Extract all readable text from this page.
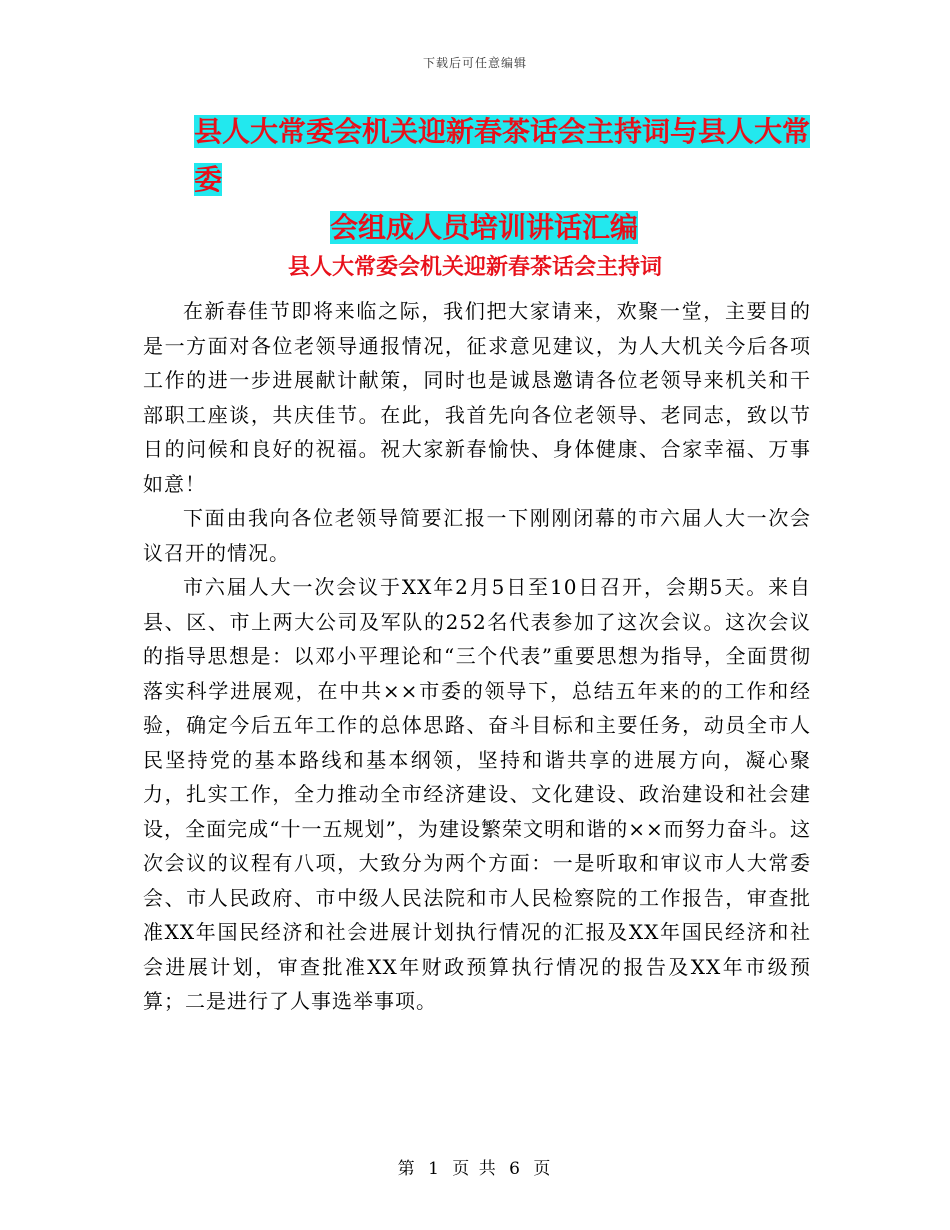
下载后可任意编辑
县人大常委会机关迎新春茶话会主持词与县人大常委
会组成人员培训讲话汇编
县人大常委会机关迎新春茶话会主持词

在新春佳节即将来临之际，我们把大家请来，欢聚一堂，主要目的是一方面对各位老领导通报情况，征求意见建议，为人大机关今后各项工作的进一步进展献计献策，同时也是诚恳邀请各位老领导来机关和干部职工座谈，共庆佳节。在此，我首先向各位老领导、老同志，致以节日的问候和良好的祝福。祝大家新春愉快、身体健康、合家幸福、万事如意！

下面由我向各位老领导简要汇报一下刚刚闭幕的市六届人大一次会议召开的情况。

市六届人大一次会议于XX年2月5日至10日召开，会期5天。来自县、区、市上两大公司及军队的252名代表参加了这次会议。这次会议的指导思想是：以邓小平理论和“三个代表”重要思想为指导，全面贯彻落实科学进展观，在中共××市委的领导下，总结五年来的的工作和经验，确定今后五年工作的总体思路、奋斗目标和主要任务，动员全市人民坚持党的基本路线和基本纲领，坚持和谐共享的进展方向，凝心聚力，扎实工作，全力推动全市经济建设、文化建设、政治建设和社会建设，全面完成“十一五规划”，为建设繁荣文明和谐的××而努力奋斗。这次会议的议程有八项，大致分为两个方面：一是听取和审议市人大常委会、市人民政府、市中级人民法院和市人民检察院的工作报告，审查批准XX年国民经济和社会进展计划执行情况的汇报及XX年国民经济和社会进展计划，审查批准XX年财政预算执行情况的报告及XX年市级预算；二是进行了人事选举事项。

第 1 页 共 6 页
